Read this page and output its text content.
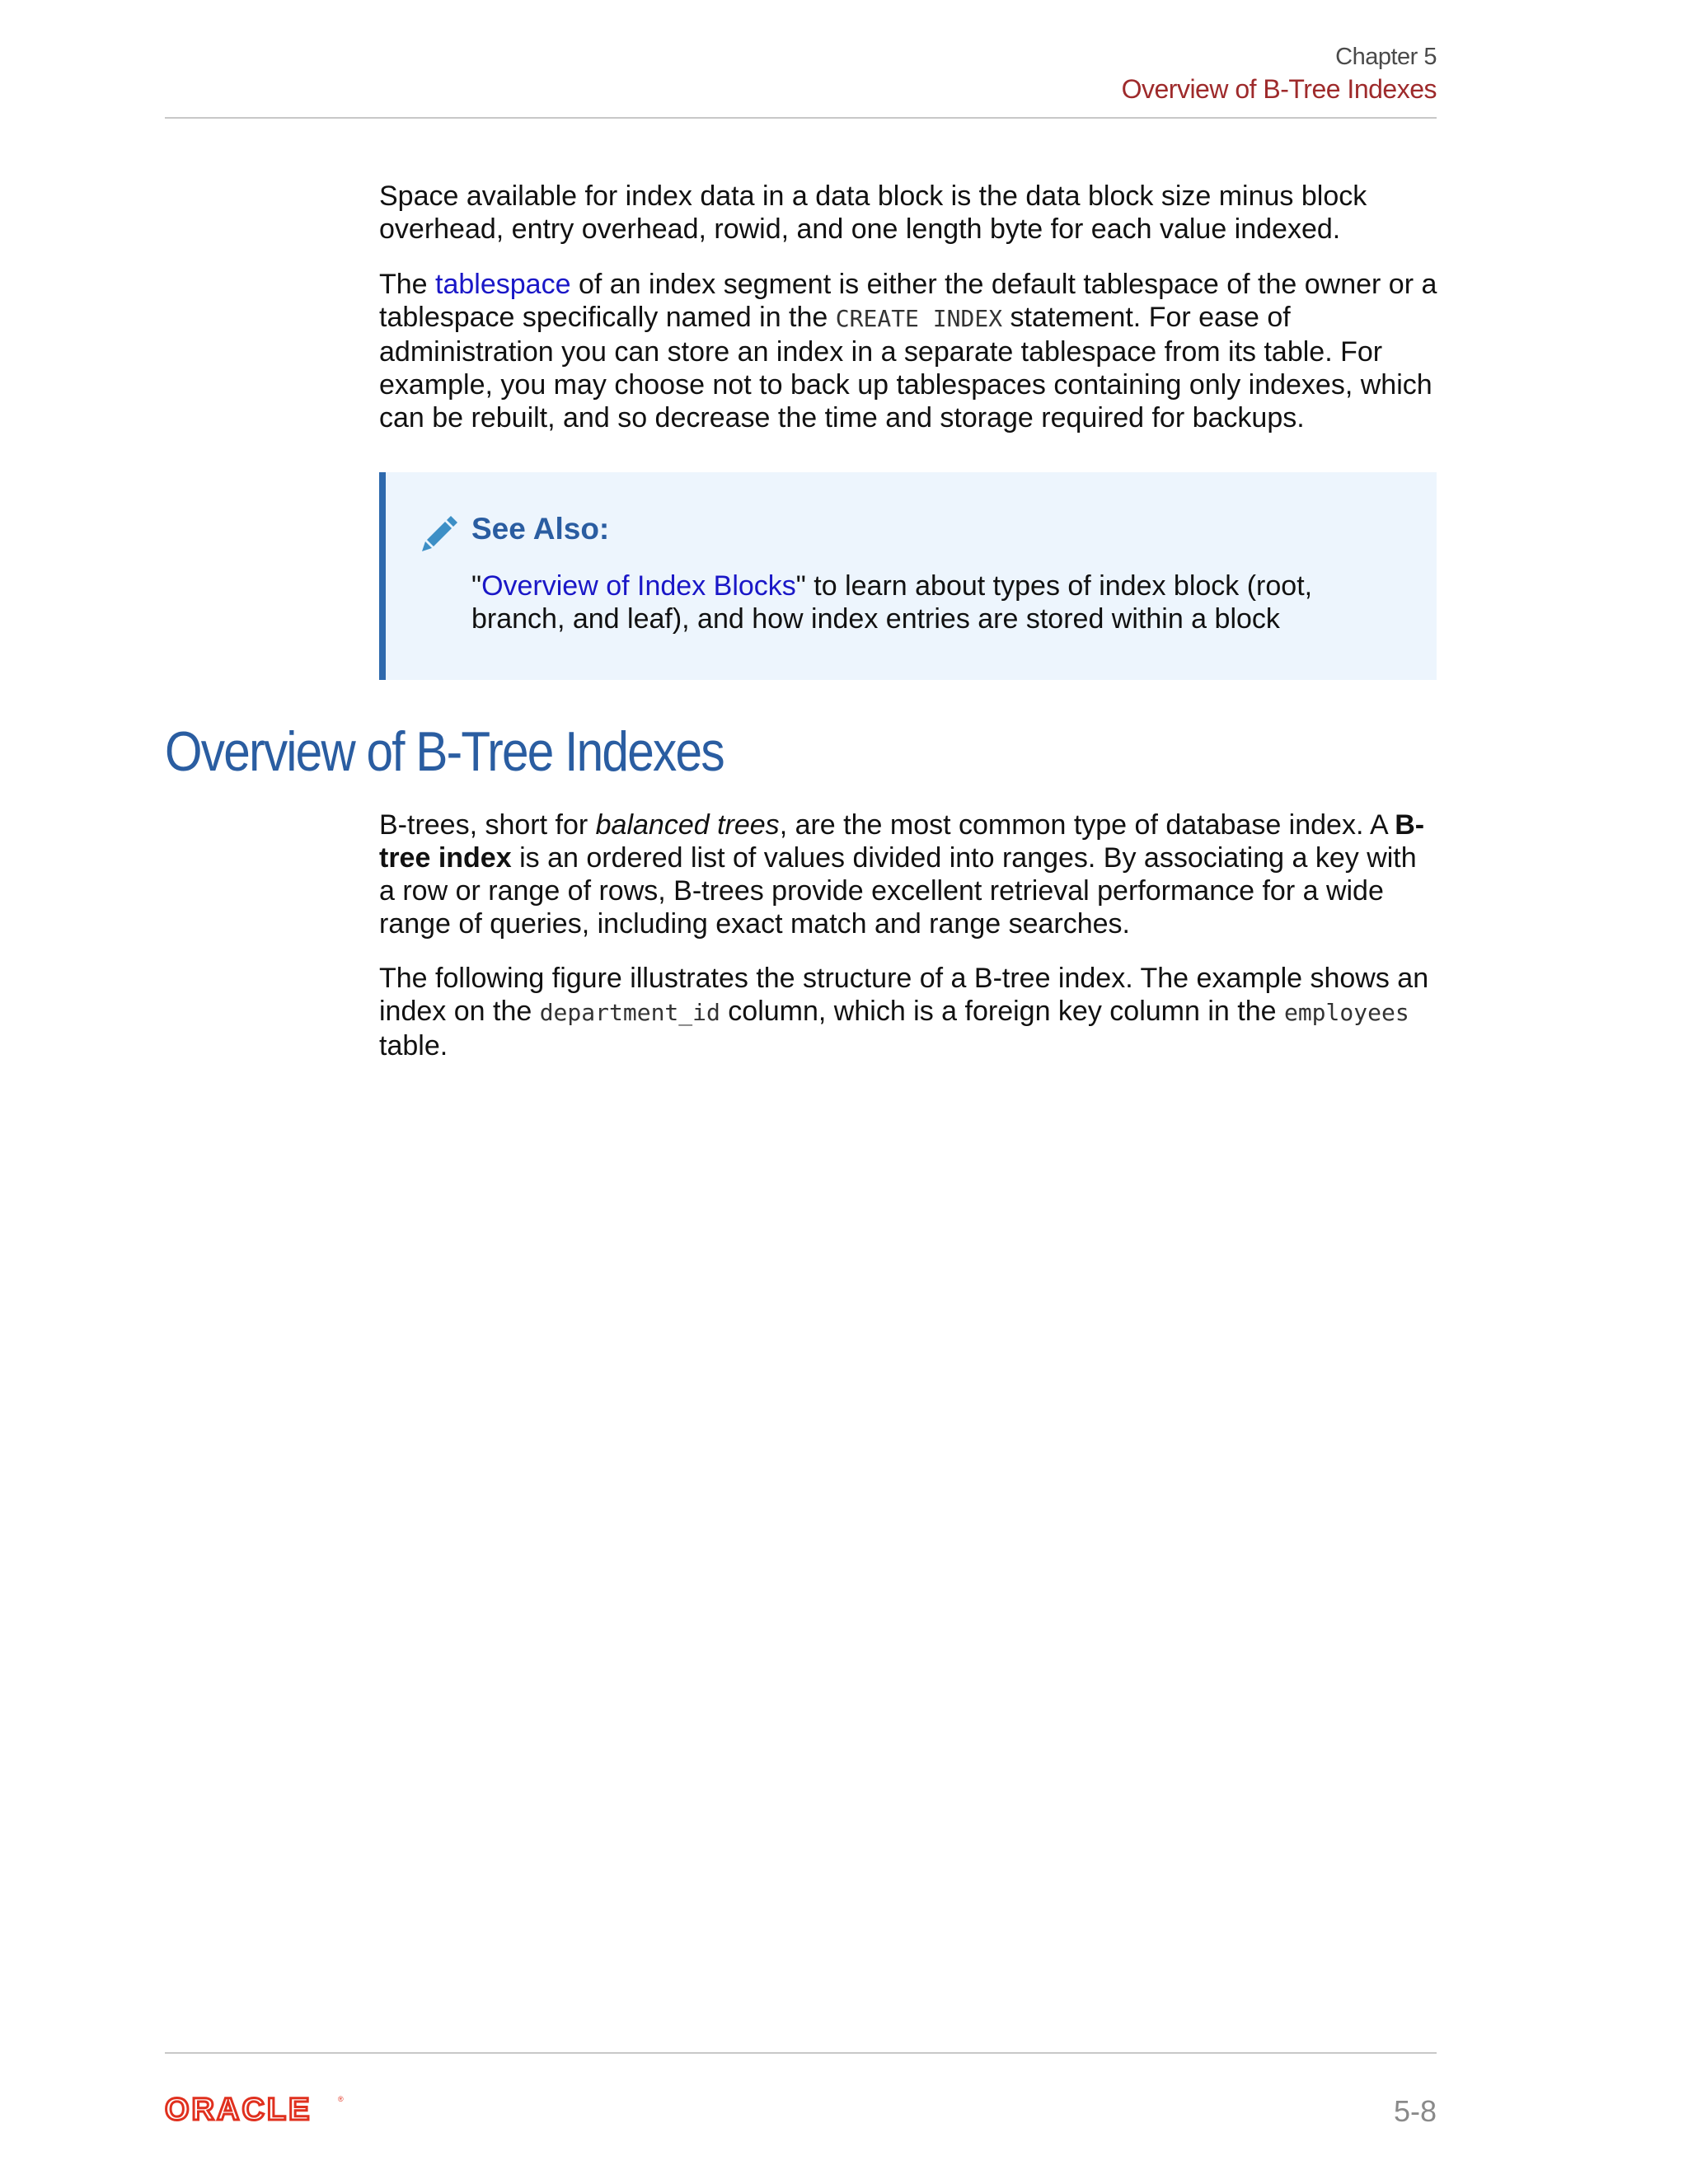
Chapter 5
Overview of B-Tree Indexes

Space available for index data in a data block is the data block size minus block overhead, entry overhead, rowid, and one length byte for each value indexed.

The tablespace of an index segment is either the default tablespace of the owner or a tablespace specifically named in the CREATE INDEX statement. For ease of administration you can store an index in a separate tablespace from its table. For example, you may choose not to back up tablespaces containing only indexes, which can be rebuilt, and so decrease the time and storage required for backups.

See Also:
"Overview of Index Blocks" to learn about types of index block (root, branch, and leaf), and how index entries are stored within a block
Overview of B-Tree Indexes

B-trees, short for balanced trees, are the most common type of database index. A B-tree index is an ordered list of values divided into ranges. By associating a key with a row or range of rows, B-trees provide excellent retrieval performance for a wide range of queries, including exact match and range searches.

The following figure illustrates the structure of a B-tree index. The example shows an index on the department_id column, which is a foreign key column in the employees table.

ORACLE	®	5-8
